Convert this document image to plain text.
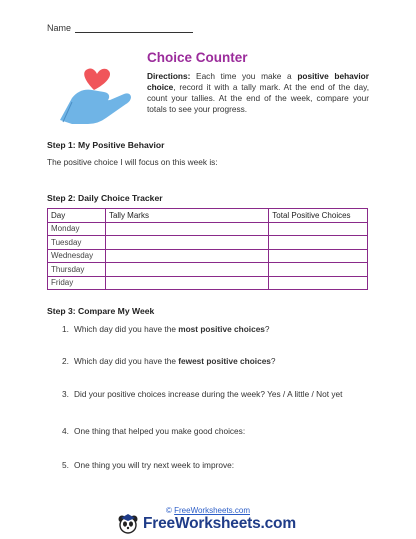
Name
Choice Counter
Directions: Each time you make a positive behavior choice, record it with a tally mark. At the end of the day, count your tallies. At the end of the week, compare your totals to see your progress.
Step 1: My Positive Behavior
The positive choice I will focus on this week is:
Step 2: Daily Choice Tracker
Day	Tally Marks	Total Positive Choices
Monday		
Tuesday		
Wednesday		
Thursday		
Friday		
Step 3: Compare My Week
1. Which day did you have the most positive choices?
2. Which day did you have the fewest positive choices?
3. Did your positive choices increase during the week? Yes / A little / Not yet
4. One thing that helped you make good choices:
5. One thing you will try next week to improve:
© FreeWorksheets.com
FreeWorksheets.com
